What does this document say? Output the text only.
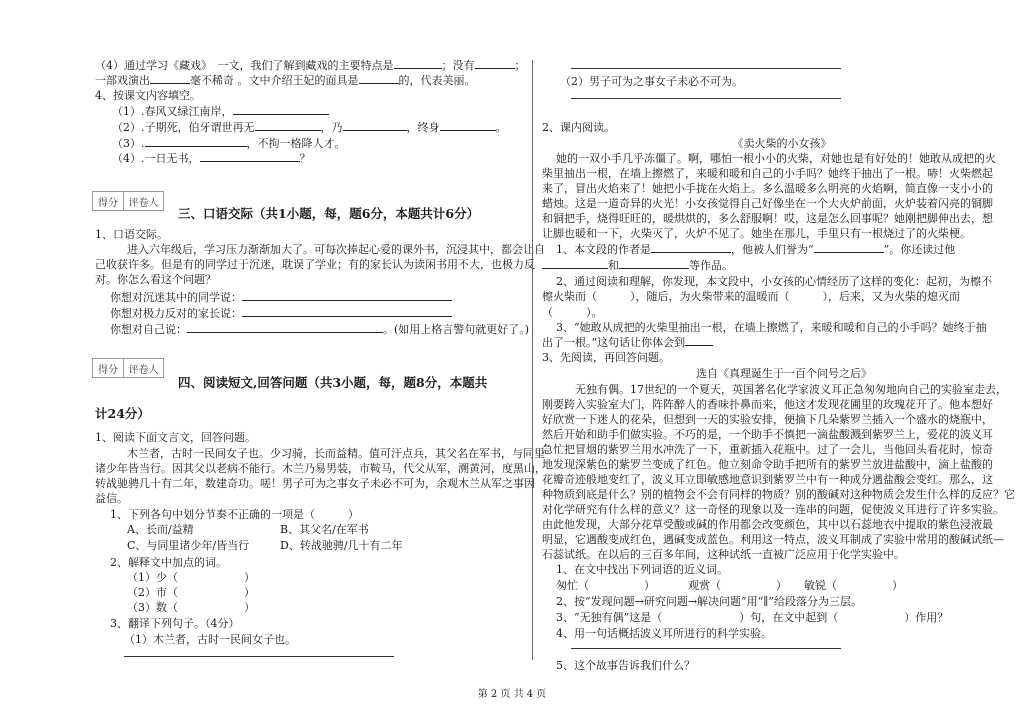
（4）通过学习《藏戏》　一文，我们了解到藏戏的主要特点是	；没有	；
一部戏演出	毫不稀奇 。文中介绍王妃的面具是	的，代表美丽。
4、按课文内容填空。
（1）.春风又绿江南岸，
（2）.子期死，伯牙谓世再无	，乃	，终身	。
（3）.	，不拘一格降人才。
（4）.一日无书，	？
得分	评卷人
三、口语交际（共1小题，每，题6分，本题共计6分）
1、口语交际。
进入六年级后，学习压力渐渐加大了。可每次捧起心爱的课外书，沉浸其中，都会让自
己收获许多。但是有的同学过于沉迷，耽误了学业；有的家长认为读闲书用不大，也极力反
对。你怎么看这个问题？
你想对沉迷其中的同学说：
你想对极力反对的家长说：
你想对自己说：	。(如用上格言警句就更好了。)
得分	评卷人
四、阅读短文,回答问题（共3小题，每，题8分，本题共
计24分）
1、阅读下面文言文，回答问题。
木兰者，古时一民间女子也。少习骑，长而益精。值可汗点兵，其父名在军书，与同里
诸少年皆当行。因其父以老病不能行。木兰乃易男装，市鞍马，代父从军，溯黄河，度黑山，
转战驰骋几十有二年，数建奇功。嗟！男子可为之事女子未必不可为，余观木兰从军之事因
益信。
1、下列各句中划分节奏不正确的一项是（　　　）
A、长而/益精	B、其父名/在军书
C、与同里诸少年/皆当行	D、转战驰骋/几十有二年
2、解释文中加点的词。
（1）少（　　　　　　）
（2）市（　　　　　　）
（3）数（　　　　　　）
3、翻译下列句子。（4分）
（1）木兰者，古时一民间女子也。
（2）男子可为之事女子未必不可为。
2、课内阅读。
《卖火柴的小女孩》
她的一双小手几乎冻僵了。啊，哪怕一根小小的火柴，对她也是有好处的！她敢从成把的火
柴里抽出一根，在墙上擦燃了，来暖和暖和自己的小手吗？她终于抽出了一根。哧！火柴燃起
来了，冒出火焰来了！她把小手拢在火焰上。多么温暖多么明亮的火焰啊，简直像一支小小的
蜡烛。这是一道奇异的火光！小女孩觉得自己好像坐在一个大火炉前面，火炉装着闪亮的铜脚
和铜把手，烧得旺旺的，暖烘烘的，多么舒服啊！哎，这是怎么回事呢？她刚把脚伸出去，想
让脚也暖和一下，火柴灭了，火炉不见了。她坐在那儿，手里只有一根烧过了的火柴梗。
1、本文段的作者是	，他被人们誉为“	”。你还读过他
和	等作品。
2、通过阅读和理解，你发现，本文段中，小女孩的心情经历了这样的变化：起初，为檫不
檫火柴而（　　　），随后，为火柴带来的温暖而（　　　），后来，又为火柴的熄灭而
（　　　）。
3、“她敢从成把的火柴里抽出一根，在墙上擦燃了，来暖和暖和自己的小手吗？她终于抽
出了一根。”这句话让你体会到
3、先阅读，再回答问题。
选自《真理诞生于一百个问号之后》
无独有偶。17世纪的一个夏天，英国著名化学家波义耳正急匆匆地向自己的实验室走去，
刚要跨入实验室大门，阵阵醉人的香味扑鼻而来，他这才发现花圃里的玫瑰花开了。他本想好
好欣赏一下迷人的花朵，但想到一天的实验安排，便摘下几朵紫罗兰插入一个盛水的烧瓶中，
然后开始和助手们做实验。不巧的是，一个助手不慎把一滴盐酸溅到紫罗兰上，爱花的波义耳
急忙把冒烟的紫罗兰用水冲洗了一下，重新插入花瓶中。过了一会儿，当他回头看花时，惊奇
地发现深紫色的紫罗兰变成了红色。他立刻命令助手把所有的紫罗兰放进盐酸中，滴上盐酸的
花瓣奇迹般地变红了，波义耳立即敏感地意识到紫罗兰中有一种成分遇盐酸会变红。那么，这
种物质到底是什么？别的植物会不会有同样的物质？别的酸碱对这种物质会发生什么样的反应？它
对化学研究有什么样的意义？这一奇怪的现象以及一连串的问题，促使波义耳进行了许多实验。
由此他发现，大部分花草受酸或碱的作用都会改变颜色，其中以石蕊地衣中提取的紫色浸液最
明显，它遇酸变成红色，遇碱变成蓝色。利用这一特点，波义耳制成了实验中常用的酸碱试纸—
石蕊试纸。在以后的三百多年间，这种试纸一直被广泛应用于化学实验中。
1、在文中找出下列词语的近义词。
匆忙（　　　　　）	观赏（　　　　　） 敏锐（　　　　　）
2、按“发现问题→研究问题→解决问题”用“∥”给段落分为三层。
3、“无独有偶”这是（　　　　　　　）句，在文中起到（　　　　　　）作用？
4、用一句话概括波义耳所进行的科学实验。
5、这个故事告诉我们什么？
第 2 页 共 4 页
